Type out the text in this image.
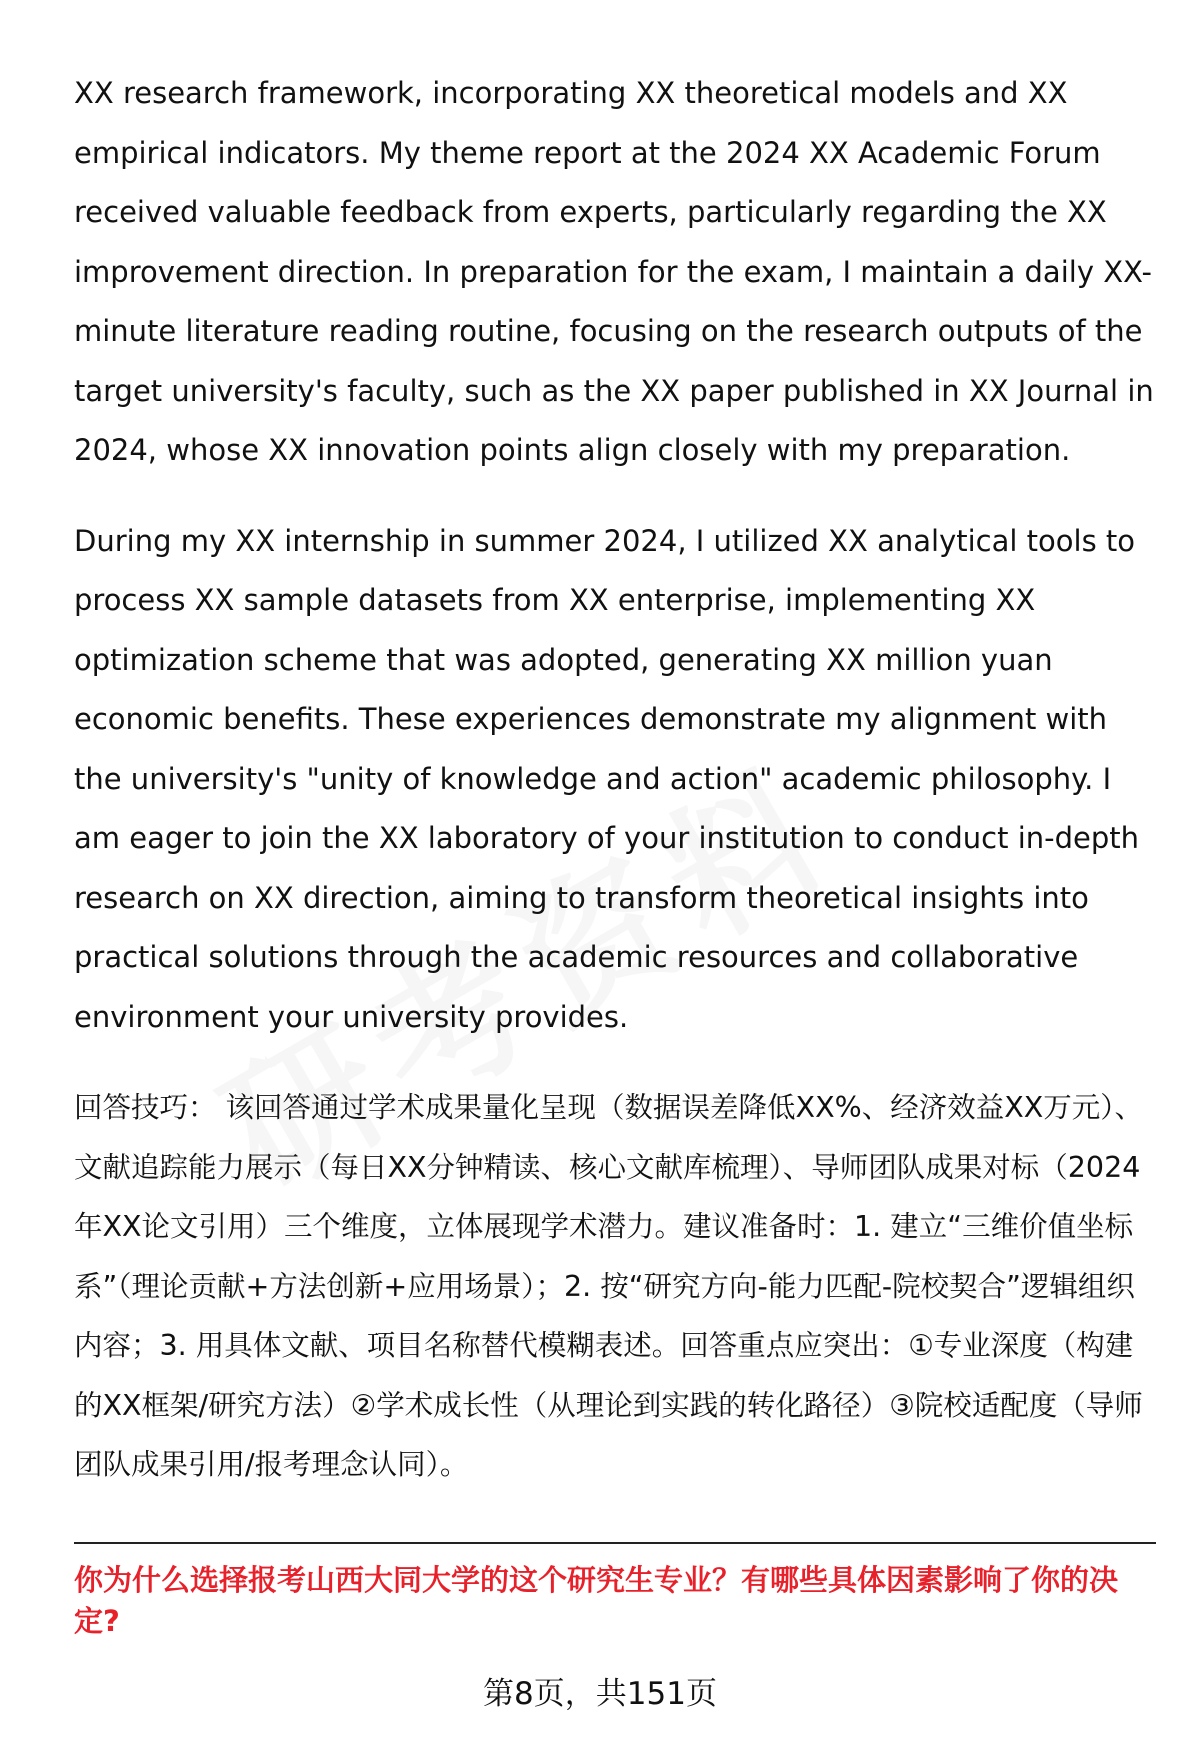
XX research framework, incorporating XX theoretical models and XX empirical indicators. My theme report at the 2024 XX Academic Forum received valuable feedback from experts, particularly regarding the XX improvement direction. In preparation for the exam, I maintain a daily XX-minute literature reading routine, focusing on the research outputs of the target university's faculty, such as the XX paper published in XX Journal in 2024, whose XX innovation points align closely with my preparation.

During my XX internship in summer 2024, I utilized XX analytical tools to process XX sample datasets from XX enterprise, implementing XX optimization scheme that was adopted, generating XX million yuan economic benefits. These experiences demonstrate my alignment with the university's "unity of knowledge and action" academic philosophy. I am eager to join the XX laboratory of your institution to conduct in-depth research on XX direction, aiming to transform theoretical insights into practical solutions through the academic resources and collaborative environment your university provides.

回答技巧： 该回答通过学术成果量化呈现（数据误差降低XX%、经济效益XX万元）、文献追踪能力展示（每日XX分钟精读、核心文献库梳理）、导师团队成果对标（2024年XX论文引用）三个维度，立体展现学术潜力。建议准备时：1. 建立“三维价值坐标系”（理论贡献+方法创新+应用场景）；2. 按“研究方向-能力匹配-院校契合”逻辑组织内容；3. 用具体文献、项目名称替代模糊表述。回答重点应突出：①专业深度（构建的XX框架/研究方法）②学术成长性（从理论到实践的转化路径）③院校适配度（导师团队成果引用/报考理念认同）。

你为什么选择报考山西大同大学的这个研究生专业？有哪些具体因素影响了你的决定?

第8页，共151页
